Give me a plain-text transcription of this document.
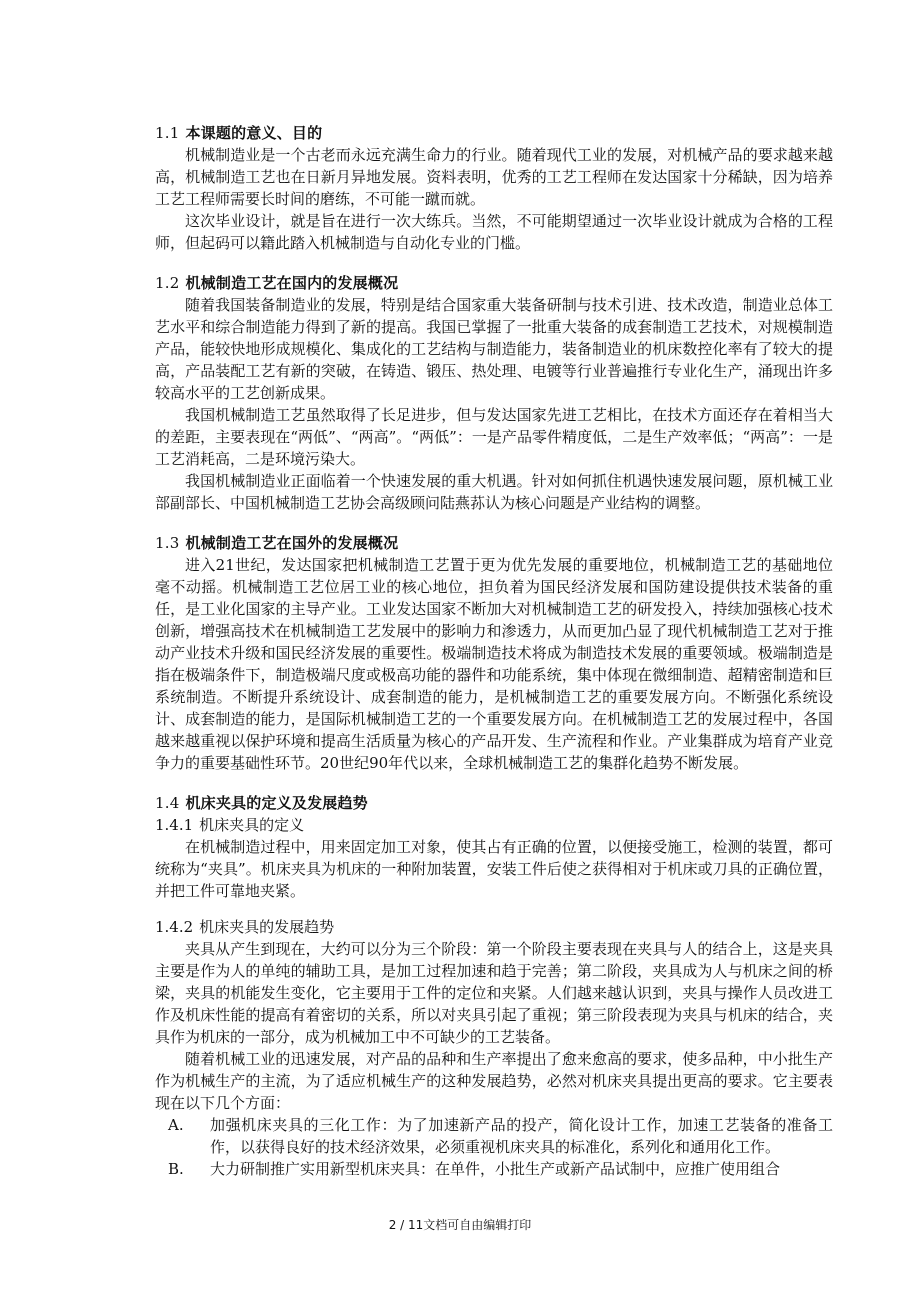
1.1 本课题的意义、目的

机械制造业是一个古老而永远充满生命力的行业。随着现代工业的发展，对机械产品的要求越来越高，机械制造工艺也在日新月异地发展。资料表明，优秀的工艺工程师在发达国家十分稀缺，因为培养工艺工程师需要长时间的磨练，不可能一蹴而就。

这次毕业设计，就是旨在进行一次大练兵。当然，不可能期望通过一次毕业设计就成为合格的工程师，但起码可以籍此踏入机械制造与自动化专业的门槛。

1.2 机械制造工艺在国内的发展概况

随着我国装备制造业的发展，特别是结合国家重大装备研制与技术引进、技术改造，制造业总体工艺水平和综合制造能力得到了新的提高。我国已掌握了一批重大装备的成套制造工艺技术，对规模制造产品，能较快地形成规模化、集成化的工艺结构与制造能力，装备制造业的机床数控化率有了较大的提高，产品装配工艺有新的突破，在铸造、锻压、热处理、电镀等行业普遍推行专业化生产，涌现出许多较高水平的工艺创新成果。

我国机械制造工艺虽然取得了长足进步，但与发达国家先进工艺相比，在技术方面还存在着相当大的差距，主要表现在“两低”、“两高”。“两低”：一是产品零件精度低，二是生产效率低；“两高”：一是工艺消耗高，二是环境污染大。

我国机械制造业正面临着一个快速发展的重大机遇。针对如何抓住机遇快速发展问题，原机械工业部副部长、中国机械制造工艺协会高级顾问陆燕荪认为核心问题是产业结构的调整。

1.3 机械制造工艺在国外的发展概况

进入21世纪，发达国家把机械制造工艺置于更为优先发展的重要地位，机械制造工艺的基础地位毫不动摇。机械制造工艺位居工业的核心地位，担负着为国民经济发展和国防建设提供技术装备的重任，是工业化国家的主导产业。工业发达国家不断加大对机械制造工艺的研发投入，持续加强核心技术创新，增强高技术在机械制造工艺发展中的影响力和渗透力，从而更加凸显了现代机械制造工艺对于推动产业技术升级和国民经济发展的重要性。极端制造技术将成为制造技术发展的重要领域。极端制造是指在极端条件下，制造极端尺度或极高功能的器件和功能系统，集中体现在微细制造、超精密制造和巨系统制造。不断提升系统设计、成套制造的能力，是机械制造工艺的重要发展方向。不断强化系统设计、成套制造的能力，是国际机械制造工艺的一个重要发展方向。在机械制造工艺的发展过程中，各国越来越重视以保护环境和提高生活质量为核心的产品开发、生产流程和作业。产业集群成为培育产业竞争力的重要基础性环节。20世纪90年代以来，全球机械制造工艺的集群化趋势不断发展。

1.4 机床夹具的定义及发展趋势
1.4.1 机床夹具的定义

在机械制造过程中，用来固定加工对象，使其占有正确的位置，以便接受施工，检测的装置，都可统称为“夹具”。机床夹具为机床的一种附加装置，安装工件后使之获得相对于机床或刀具的正确位置，并把工件可靠地夹紧。

1.4.2 机床夹具的发展趋势

夹具从产生到现在，大约可以分为三个阶段：第一个阶段主要表现在夹具与人的结合上，这是夹具主要是作为人的单纯的辅助工具，是加工过程加速和趋于完善；第二阶段，夹具成为人与机床之间的桥梁，夹具的机能发生变化，它主要用于工件的定位和夹紧。人们越来越认识到，夹具与操作人员改进工作及机床性能的提高有着密切的关系，所以对夹具引起了重视；第三阶段表现为夹具与机床的结合，夹具作为机床的一部分，成为机械加工中不可缺少的工艺装备。

随着机械工业的迅速发展，对产品的品种和生产率提出了愈来愈高的要求，使多品种，中小批生产作为机械生产的主流，为了适应机械生产的这种发展趋势，必然对机床夹具提出更高的要求。它主要表现在以下几个方面：

A.	加强机床夹具的三化工作：为了加速新产品的投产，简化设计工作，加速工艺装备的准备工作，以获得良好的技术经济效果，必须重视机床夹具的标准化，系列化和通用化工作。
B.	大力研制推广实用新型机床夹具：在单件，小批生产或新产品试制中，应推广使用组合
2 / 11文档可自由编辑打印
